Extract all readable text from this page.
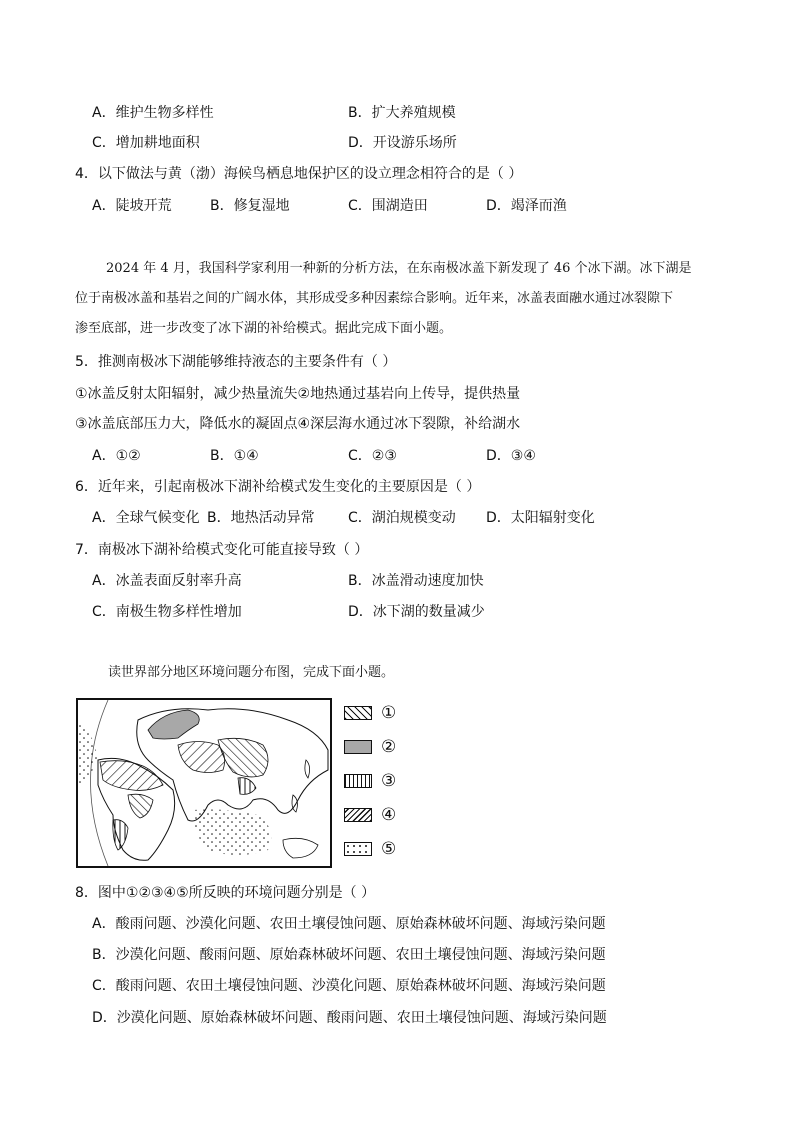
A．维护生物多样性	B．扩大养殖规模
C．增加耕地面积	D．开设游乐场所
4．以下做法与黄（渤）海候鸟栖息地保护区的设立理念相符合的是（ ）
A．陡坡开荒	B．修复湿地	C．围湖造田	D．竭泽而渔
2024 年 4 月，我国科学家利用一种新的分析方法，在东南极冰盖下新发现了 46 个冰下湖。冰下湖是
位于南极冰盖和基岩之间的广阔水体，其形成受多种因素综合影响。近年来，冰盖表面融水通过冰裂隙下
渗至底部，进一步改变了冰下湖的补给模式。据此完成下面小题。
5．推测南极冰下湖能够维持液态的主要条件有（ ）
①冰盖反射太阳辐射，减少热量流失②地热通过基岩向上传导，提供热量
③冰盖底部压力大，降低水的凝固点④深层海水通过冰下裂隙，补给湖水
A．①②	B．①④	C．②③	D．③④
6．近年来，引起南极冰下湖补给模式发生变化的主要原因是（ ）
A．全球气候变化 B．地热活动异常 C．湖泊规模变动 D．太阳辐射变化
7．南极冰下湖补给模式变化可能直接导致（ ）
A．冰盖表面反射率升高	B．冰盖滑动速度加快
C．南极生物多样性增加	D．冰下湖的数量减少
读世界部分地区环境问题分布图，完成下面小题。
①
②
③
④
⑤
8．图中①②③④⑤所反映的环境问题分别是（ ）
A．酸雨问题、沙漠化问题、农田土壤侵蚀问题、原始森林破坏问题、海域污染问题
B．沙漠化问题、酸雨问题、原始森林破坏问题、农田土壤侵蚀问题、海域污染问题
C．酸雨问题、农田土壤侵蚀问题、沙漠化问题、原始森林破坏问题、海域污染问题
D．沙漠化问题、原始森林破坏问题、酸雨问题、农田土壤侵蚀问题、海域污染问题
